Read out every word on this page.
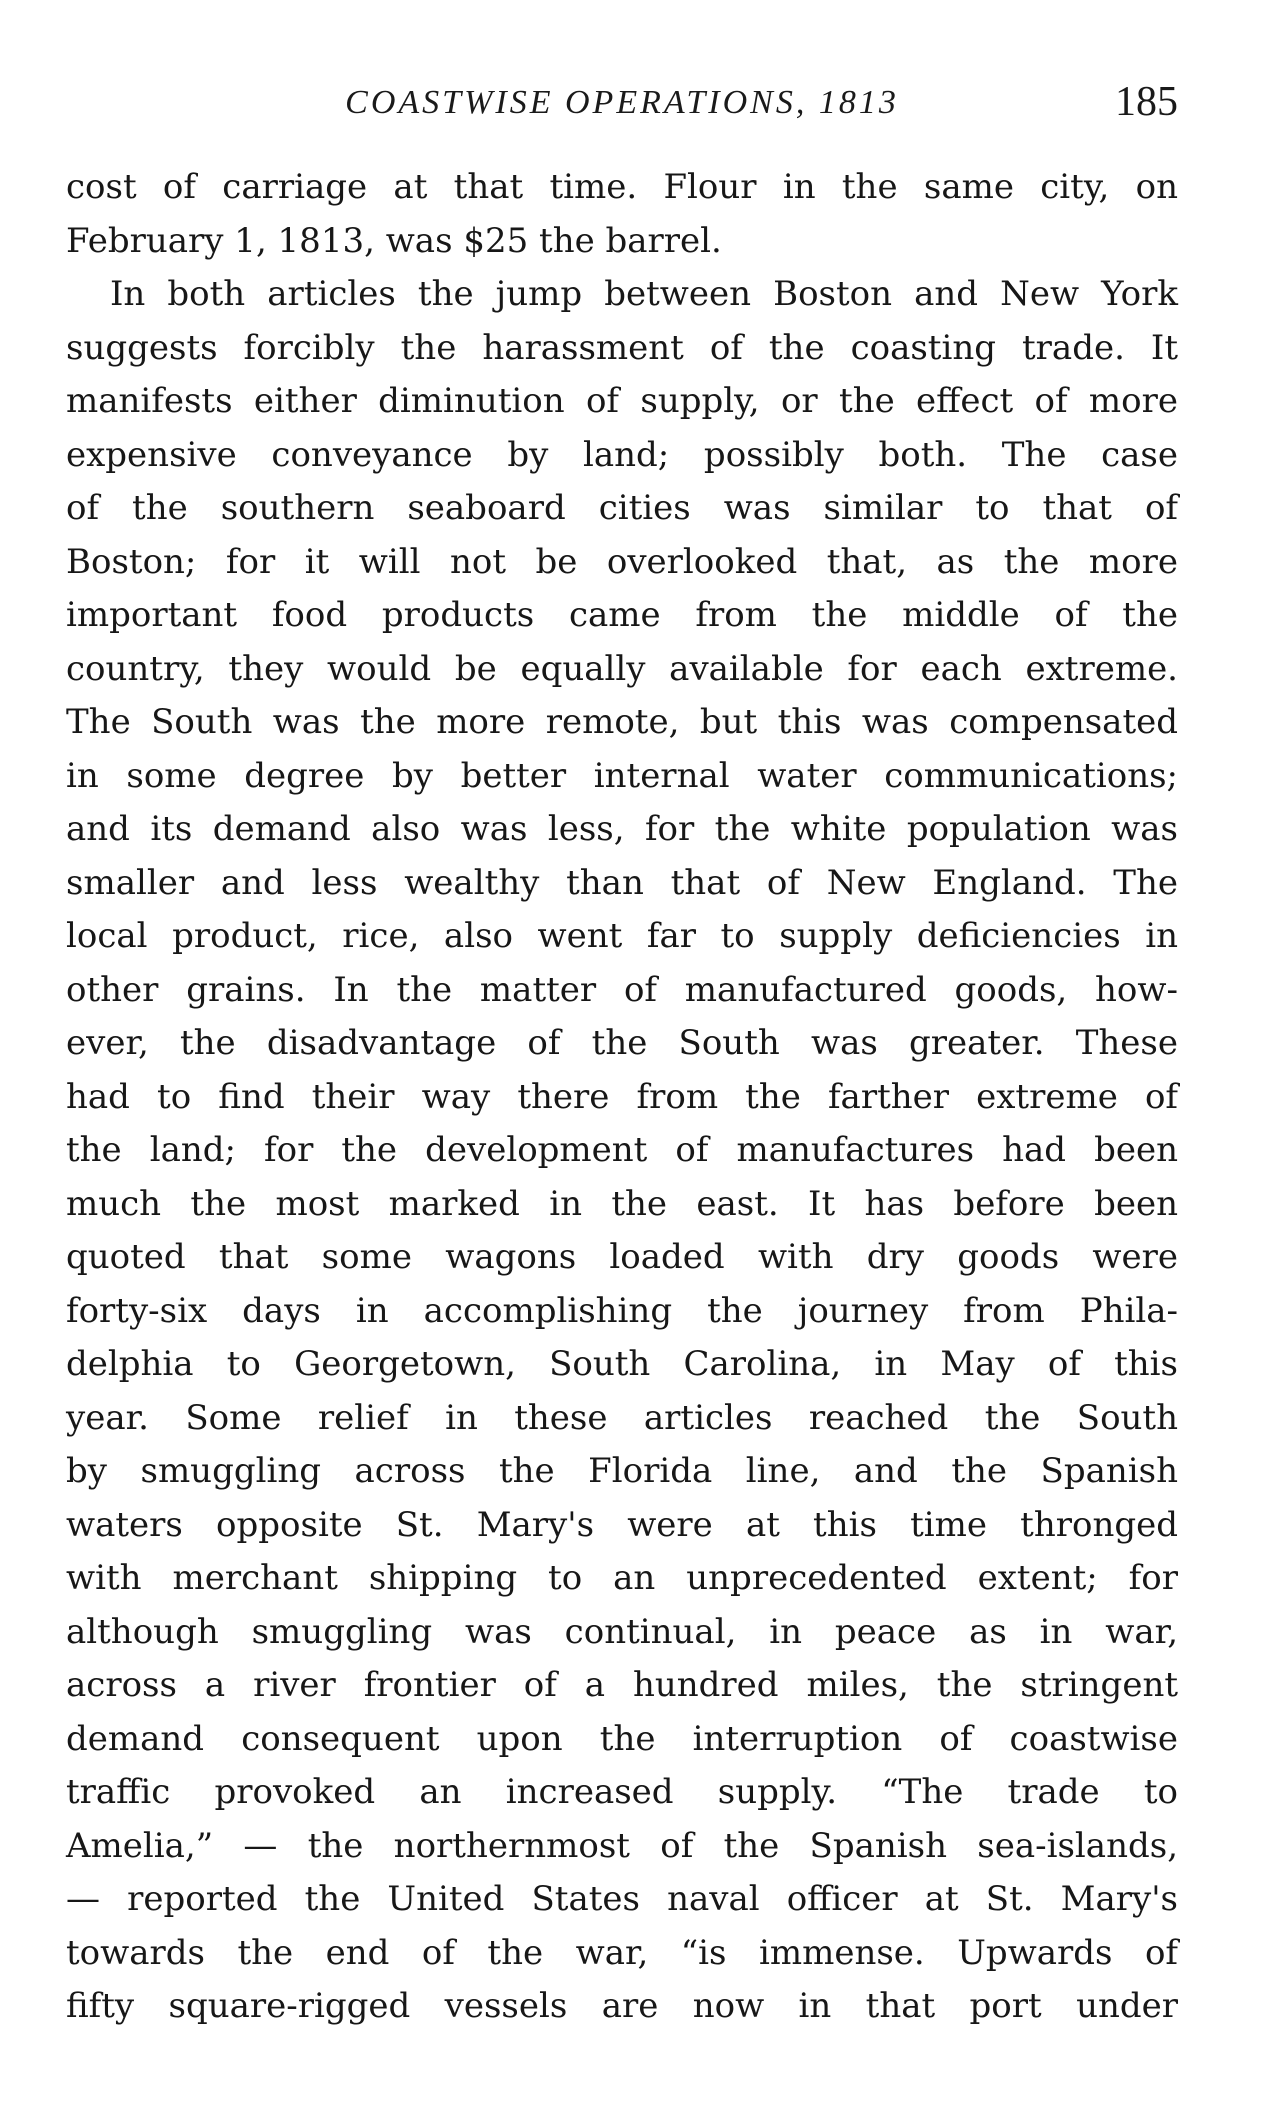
COASTWISE OPERATIONS, 1813	185
cost of carriage at that time. Flour in the same city, on
February 1, 1813, was $25 the barrel.
In both articles the jump between Boston and New York
suggests forcibly the harassment of the coasting trade. It
manifests either diminution of supply, or the effect of more
expensive conveyance by land; possibly both. The case
of the southern seaboard cities was similar to that of
Boston; for it will not be overlooked that, as the more
important food products came from the middle of the
country, they would be equally available for each extreme.
The South was the more remote, but this was compensated
in some degree by better internal water communications;
and its demand also was less, for the white population was
smaller and less wealthy than that of New England. The
local product, rice, also went far to supply deficiencies in
other grains. In the matter of manufactured goods, how-
ever, the disadvantage of the South was greater. These
had to find their way there from the farther extreme of
the land; for the development of manufactures had been
much the most marked in the east. It has before been
quoted that some wagons loaded with dry goods were
forty-six days in accomplishing the journey from Phila-
delphia to Georgetown, South Carolina, in May of this
year. Some relief in these articles reached the South
by smuggling across the Florida line, and the Spanish
waters opposite St. Mary's were at this time thronged
with merchant shipping to an unprecedented extent; for
although smuggling was continual, in peace as in war,
across a river frontier of a hundred miles, the stringent
demand consequent upon the interruption of coastwise
traffic provoked an increased supply. “The trade to
Amelia,” — the northernmost of the Spanish sea-islands,
— reported the United States naval officer at St. Mary's
towards the end of the war, “is immense. Upwards of
fifty square-rigged vessels are now in that port under
